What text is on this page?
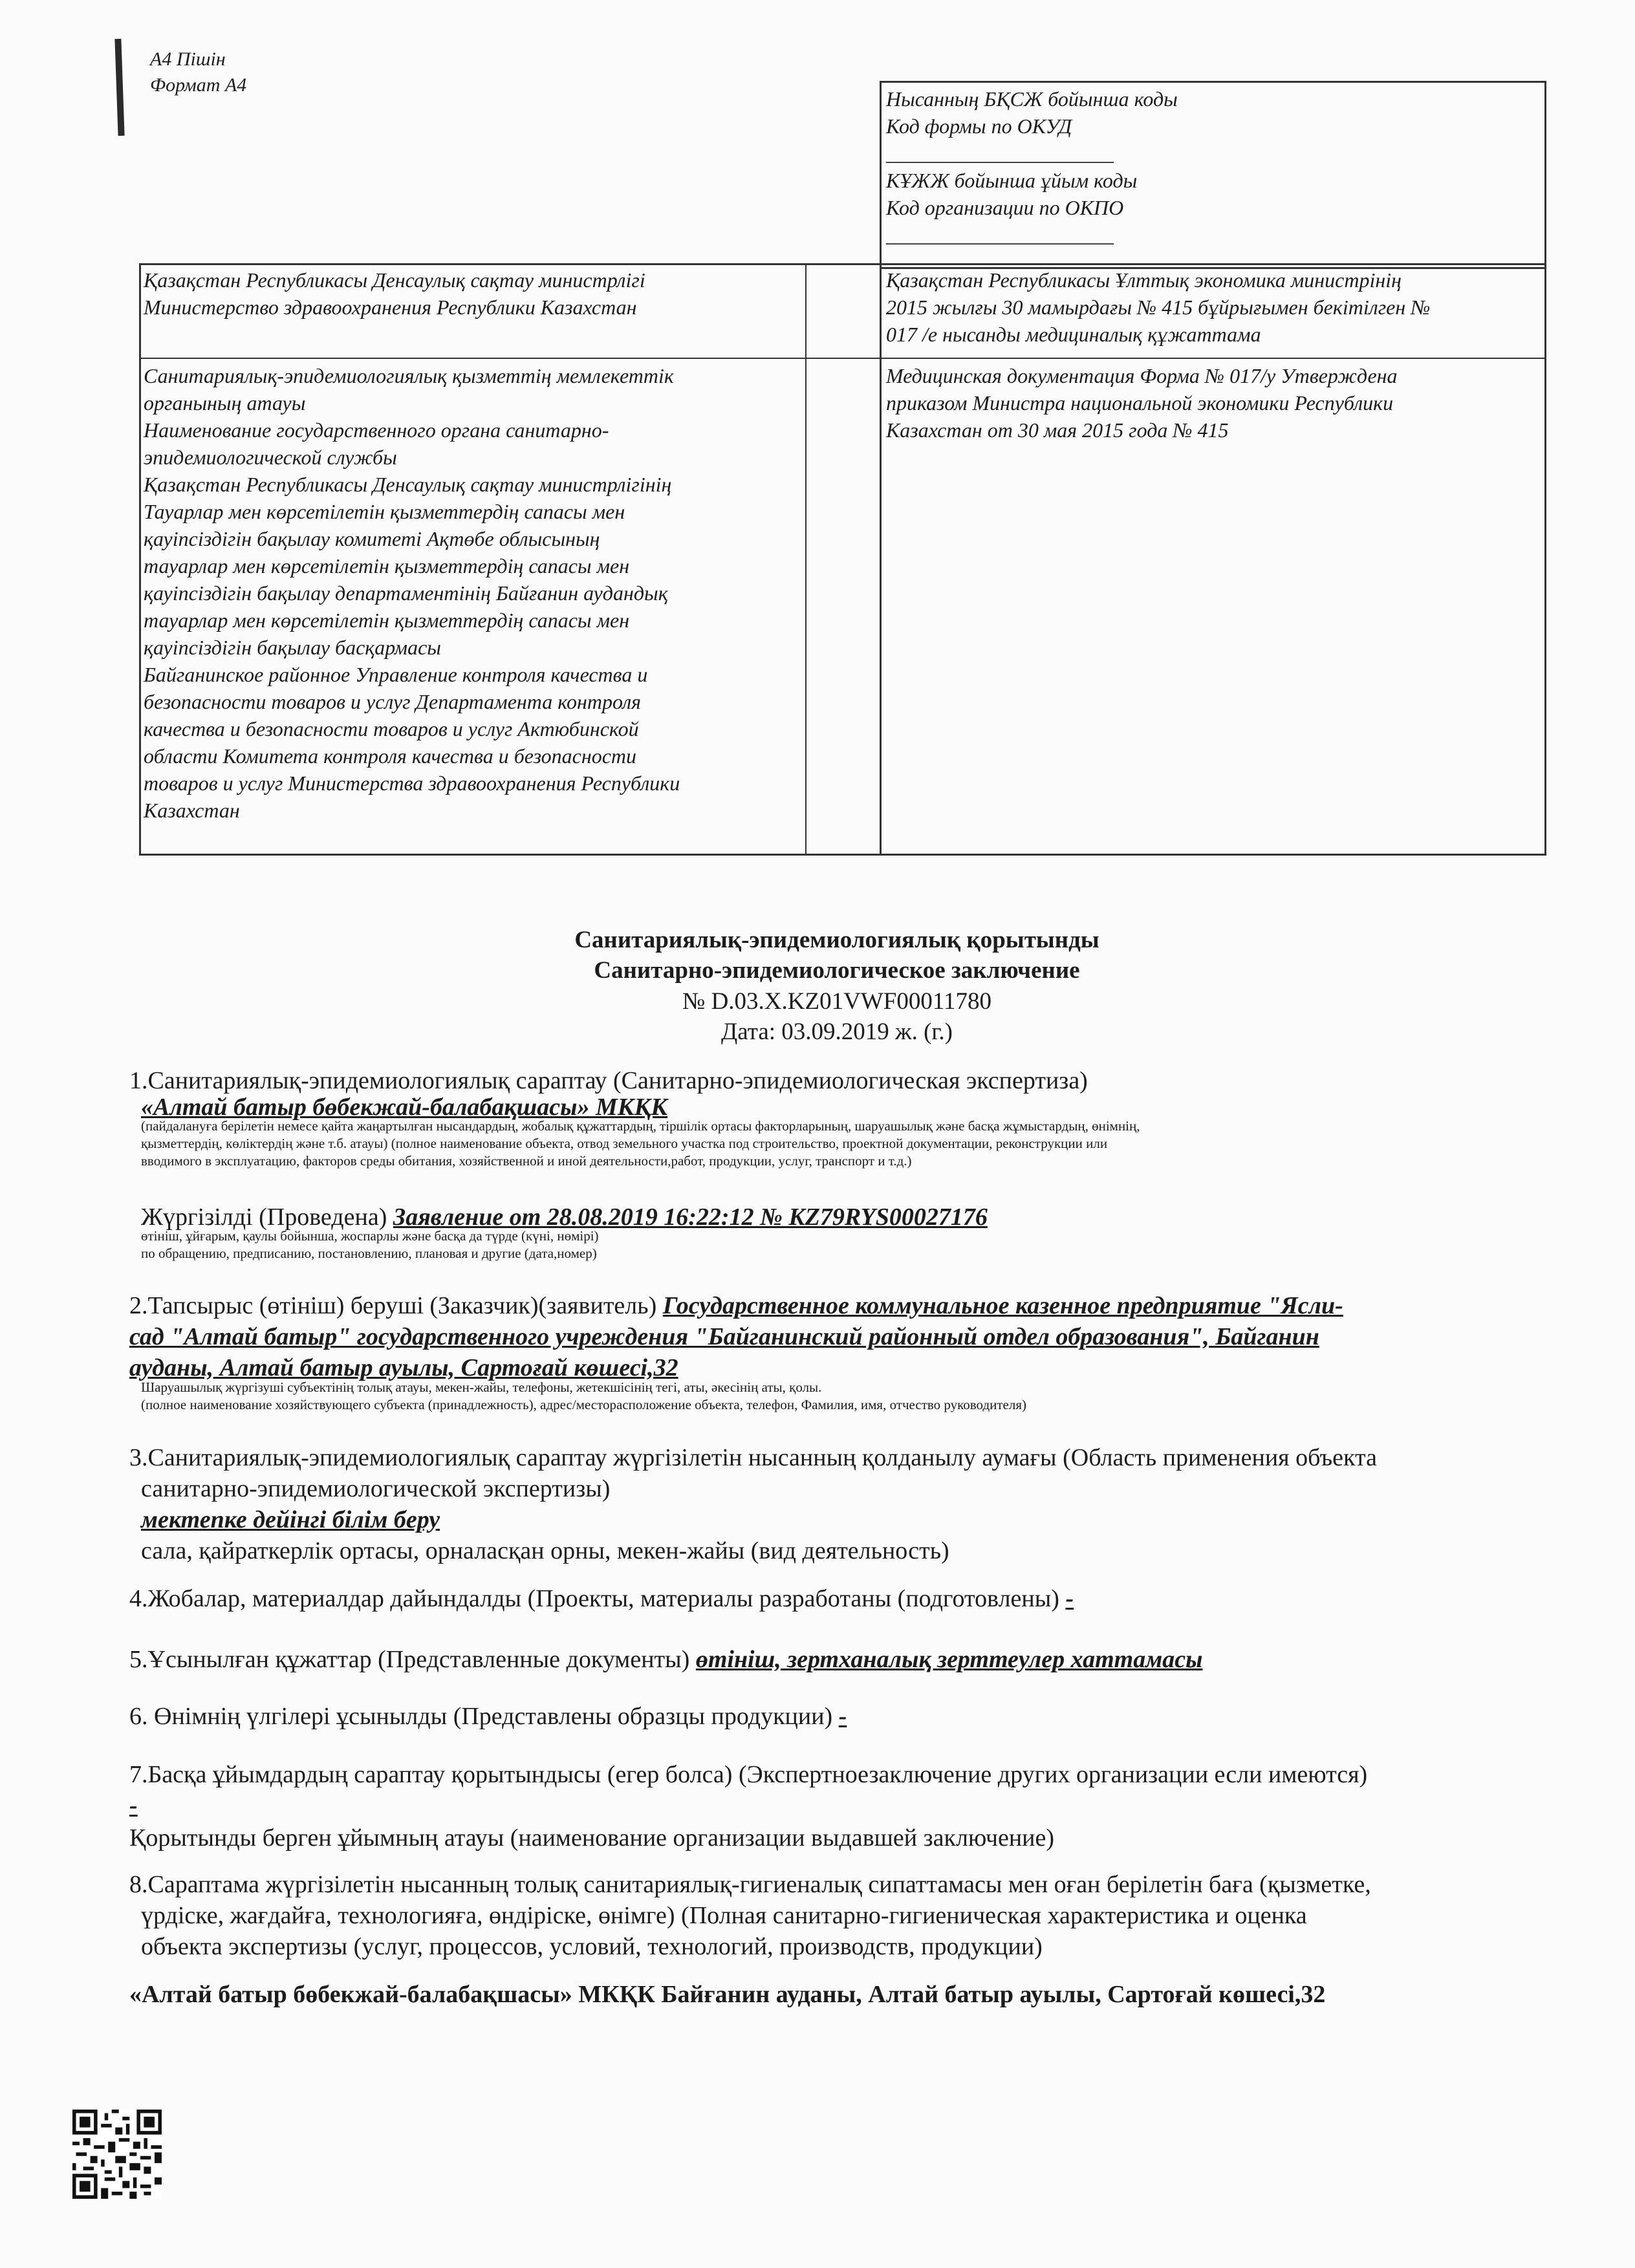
А4 Пішін
Формат А4
Нысанның БҚСЖ бойынша коды
Код формы по ОКУД
______________________
КҰЖЖ бойынша ұйым коды
Код организации по ОКПО
______________________
Қазақстан Республикасы Денсаулық сақтау министрлігі
Министерство здравоохранения Республики Казахстан
Қазақстан Республикасы Ұлттық экономика министрінің
2015 жылғы 30 мамырдағы № 415 бұйрығымен бекітілген №
017 /е нысанды медициналық құжаттама
Санитариялық-эпидемиологиялық қызметтің мемлекеттік
органының атауы
Наименование государственного органа санитарно-
эпидемиологической службы
Қазақстан Республикасы Денсаулық сақтау министрлігінің
Тауарлар мен көрсетілетін қызметтердің сапасы мен
қауіпсіздігін бақылау комитеті Ақтөбе облысының
тауарлар мен көрсетілетін қызметтердің сапасы мен
қауіпсіздігін бақылау департаментінің Байғанин аудандық
тауарлар мен көрсетілетін қызметтердің сапасы мен
қауіпсіздігін бақылау басқармасы
Байганинское районное Управление контроля качества и
безопасности товаров и услуг Департамента контроля
качества и безопасности товаров и услуг Актюбинской
области Комитета контроля качества и безопасности
товаров и услуг Министерства здравоохранения Республики
Казахстан
Медицинская документация Форма № 017/у Утверждена
приказом Министра национальной экономики Республики
Казахстан от 30 мая 2015 года № 415
Санитариялық-эпидемиологиялық қорытынды
Санитарно-эпидемиологическое заключение
№ D.03.X.KZ01VWF00011780
Дата: 03.09.2019 ж. (г.)
1.Санитариялық-эпидемиологиялық сараптау (Санитарно-эпидемиологическая экспертиза)
«Алтай батыр бөбекжай-балабақшасы» МКҚК
(пайдалануға берілетін немесе қайта жаңартылған нысандардың, жобалық құжаттардың, тіршілік ортасы факторларының, шаруашылық және басқа жұмыстардың, өнімнің,
қызметтердің, көліктердің және т.б. атауы) (полное наименование объекта, отвод земельного участка под строительство, проектной документации, реконструкции или
вводимого в эксплуатацию, факторов среды обитания, хозяйственной и иной деятельности,работ, продукции, услуг, транспорт и т.д.)
Жүргізілді (Проведена) Заявление от 28.08.2019 16:22:12 № KZ79RYS00027176
өтініш, ұйғарым, қаулы бойынша, жоспарлы және басқа да түрде (күні, нөмірі)
по обращению, предписанию, постановлению, плановая и другие (дата,номер)
2.Тапсырыс (өтініш) беруші (Заказчик)(заявитель) Государственное коммунальное казенное предприятие "Ясли-
сад "Алтай батыр" государственного учреждения "Байганинский районный отдел образования", Байганин
ауданы, Алтай батыр ауылы, Сартоғай көшесі,32
Шаруашылық жүргізуші субъектінің толық атауы, мекен-жайы, телефоны, жетекшісінің тегі, аты, әкесінің аты, қолы.
(полное наименование хозяйствующего субъекта (принадлежность), адрес/месторасположение объекта, телефон, Фамилия, имя, отчество руководителя)
3.Санитариялық-эпидемиологиялық сараптау жүргізілетін нысанның қолданылу аумағы (Область применения объекта
санитарно-эпидемиологической экспертизы)
мектепке дейінгі білім беру
сала, қайраткерлік ортасы, орналасқан орны, мекен-жайы (вид деятельность)
4.Жобалар, материалдар дайындалды (Проекты, материалы разработаны (подготовлены) -
5.Ұсынылған құжаттар (Представленные документы) өтініш, зертханалық зерттеулер хаттамасы
6. Өнімнің үлгілері ұсынылды (Представлены образцы продукции) -
7.Басқа ұйымдардың сараптау қорытындысы (егер болса) (Экспертноезаключение других организации если имеются)
-
Қорытынды берген ұйымның атауы (наименование организации выдавшей заключение)
8.Сараптама жүргізілетін нысанның толық санитариялық-гигиеналық сипаттамасы мен оған берілетін баға (қызметке,
үрдіске, жағдайға, технологияға, өндіріске, өнімге) (Полная санитарно-гигиеническая характеристика и оценка
объекта экспертизы (услуг, процессов, условий, технологий, производств, продукции)
«Алтай батыр бөбекжай-балабақшасы» МКҚК Байғанин ауданы, Алтай батыр ауылы, Сартоғай көшесі,32
